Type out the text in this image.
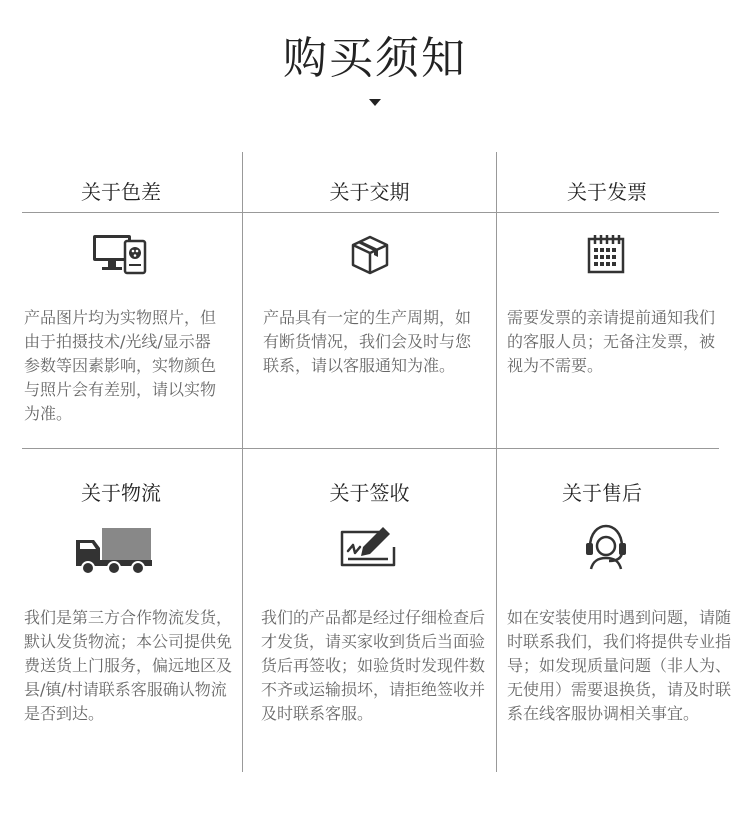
购买须知
关于色差

产品图片均为实物照片，但由于拍摄技术/光线/显示器参数等因素影响，实物颜色与照片会有差别，请以实物为准。

关于交期

产品具有一定的生产周期，如有断货情况，我们会及时与您联系，请以客服通知为准。

关于发票

需要发票的亲请提前通知我们的客服人员；无备注发票，被视为不需要。

关于物流

我们是第三方合作物流发货，默认发货物流；本公司提供免费送货上门服务，偏远地区及县/镇/村请联系客服确认物流是否到达。

关于签收

我们的产品都是经过仔细检查后才发货，请买家收到货后当面验货后再签收；如验货时发现件数不齐或运输损坏，请拒绝签收并及时联系客服。

关于售后

如在安装使用时遇到问题，请随时联系我们，我们将提供专业指导；如发现质量问题（非人为、无使用）需要退换货，请及时联系在线客服协调相关事宜。
